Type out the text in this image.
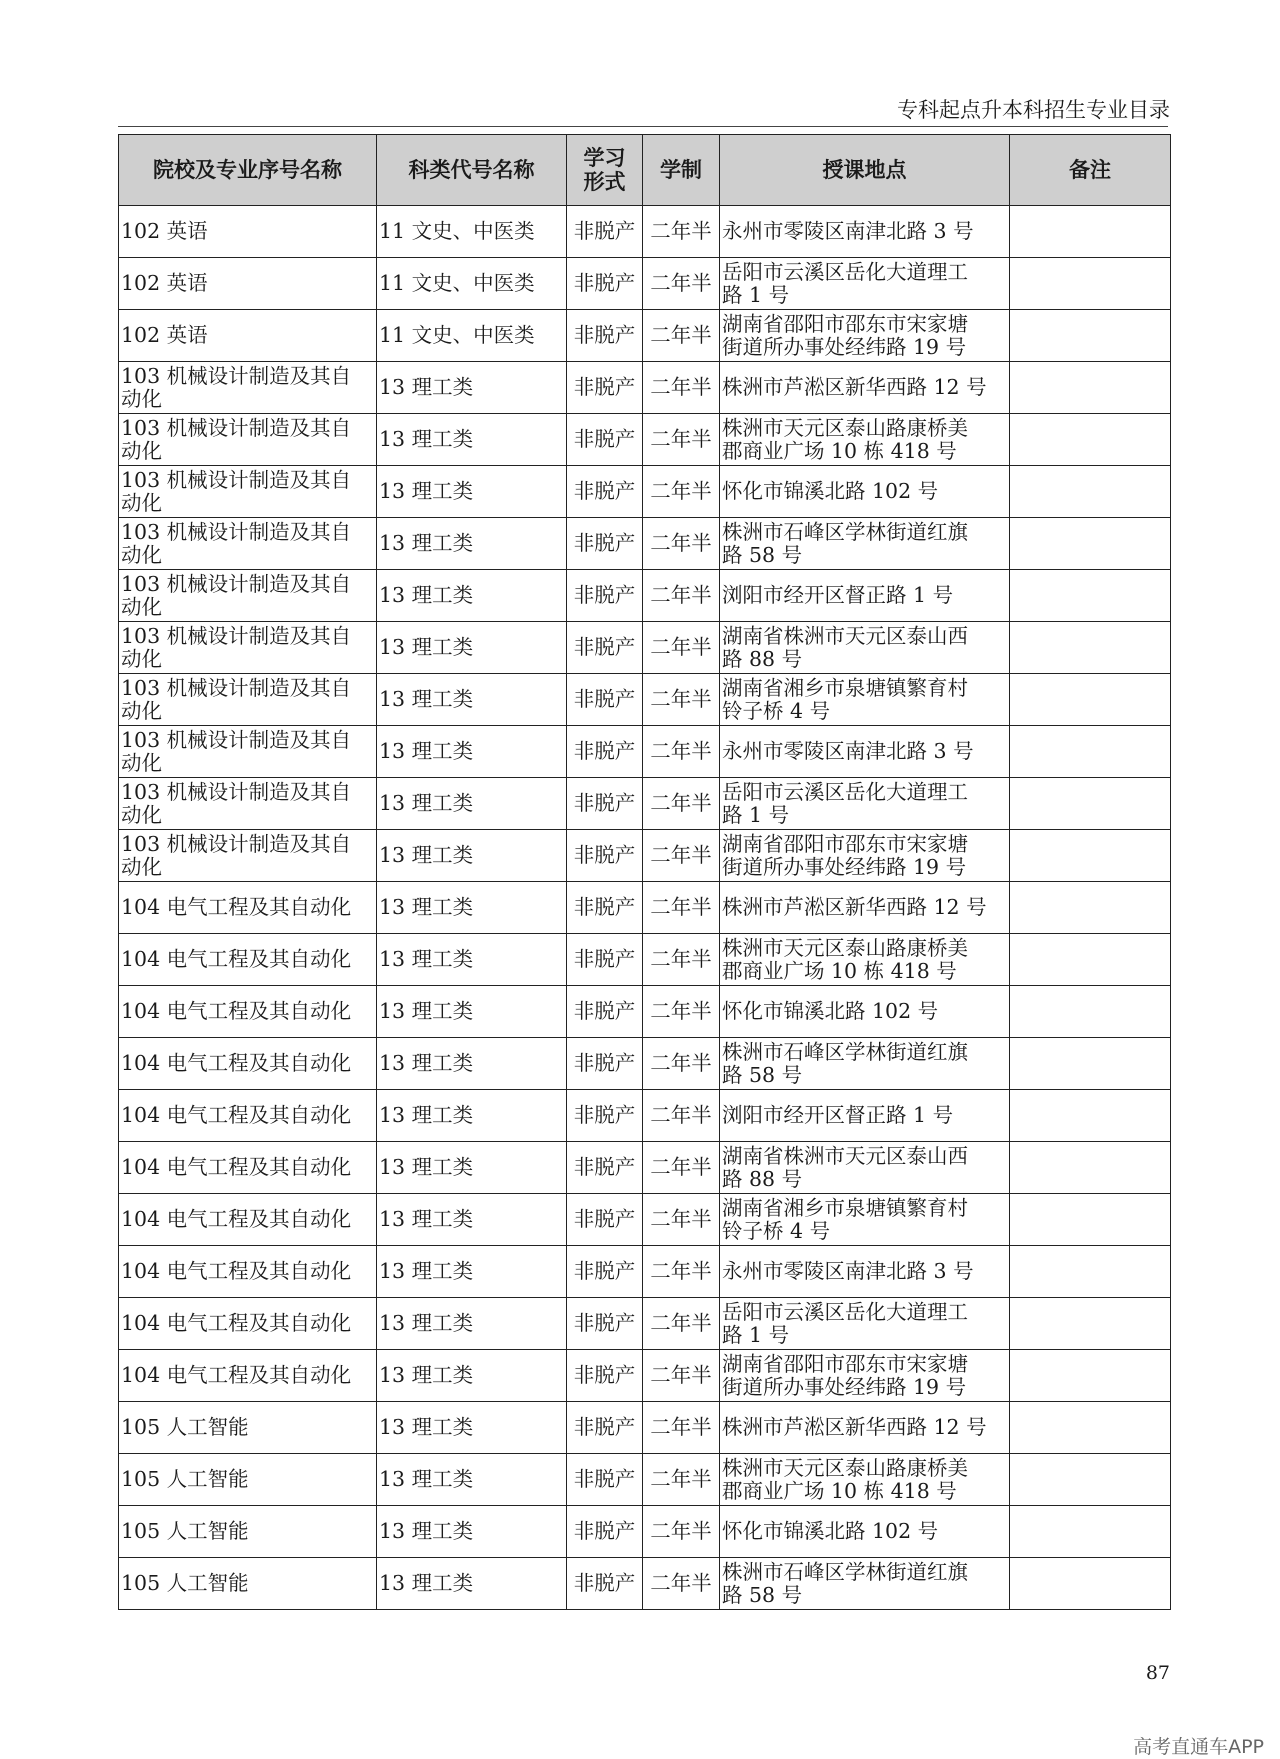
专科起点升本科招生专业目录
院校及专业序号名称	科类代号名称	学习
形式	学制	授课地点	备注
102 英语	11 文史、中医类	非脱产	二年半	永州市零陵区南津北路 3 号	
102 英语	11 文史、中医类	非脱产	二年半	岳阳市云溪区岳化大道理工
路 1 号	
102 英语	11 文史、中医类	非脱产	二年半	湖南省邵阳市邵东市宋家塘
街道所办事处经纬路 19 号	
103 机械设计制造及其自
动化	13 理工类	非脱产	二年半	株洲市芦淞区新华西路 12 号	
103 机械设计制造及其自
动化	13 理工类	非脱产	二年半	株洲市天元区泰山路康桥美
郡商业广场 10 栋 418 号	
103 机械设计制造及其自
动化	13 理工类	非脱产	二年半	怀化市锦溪北路 102 号	
103 机械设计制造及其自
动化	13 理工类	非脱产	二年半	株洲市石峰区学林街道红旗
路 58 号	
103 机械设计制造及其自
动化	13 理工类	非脱产	二年半	浏阳市经开区督正路 1 号	
103 机械设计制造及其自
动化	13 理工类	非脱产	二年半	湖南省株洲市天元区泰山西
路 88 号	
103 机械设计制造及其自
动化	13 理工类	非脱产	二年半	湖南省湘乡市泉塘镇繁育村
铃子桥 4 号	
103 机械设计制造及其自
动化	13 理工类	非脱产	二年半	永州市零陵区南津北路 3 号	
103 机械设计制造及其自
动化	13 理工类	非脱产	二年半	岳阳市云溪区岳化大道理工
路 1 号	
103 机械设计制造及其自
动化	13 理工类	非脱产	二年半	湖南省邵阳市邵东市宋家塘
街道所办事处经纬路 19 号	
104 电气工程及其自动化	13 理工类	非脱产	二年半	株洲市芦淞区新华西路 12 号	
104 电气工程及其自动化	13 理工类	非脱产	二年半	株洲市天元区泰山路康桥美
郡商业广场 10 栋 418 号	
104 电气工程及其自动化	13 理工类	非脱产	二年半	怀化市锦溪北路 102 号	
104 电气工程及其自动化	13 理工类	非脱产	二年半	株洲市石峰区学林街道红旗
路 58 号	
104 电气工程及其自动化	13 理工类	非脱产	二年半	浏阳市经开区督正路 1 号	
104 电气工程及其自动化	13 理工类	非脱产	二年半	湖南省株洲市天元区泰山西
路 88 号	
104 电气工程及其自动化	13 理工类	非脱产	二年半	湖南省湘乡市泉塘镇繁育村
铃子桥 4 号	
104 电气工程及其自动化	13 理工类	非脱产	二年半	永州市零陵区南津北路 3 号	
104 电气工程及其自动化	13 理工类	非脱产	二年半	岳阳市云溪区岳化大道理工
路 1 号	
104 电气工程及其自动化	13 理工类	非脱产	二年半	湖南省邵阳市邵东市宋家塘
街道所办事处经纬路 19 号	
105 人工智能	13 理工类	非脱产	二年半	株洲市芦淞区新华西路 12 号	
105 人工智能	13 理工类	非脱产	二年半	株洲市天元区泰山路康桥美
郡商业广场 10 栋 418 号	
105 人工智能	13 理工类	非脱产	二年半	怀化市锦溪北路 102 号	
105 人工智能	13 理工类	非脱产	二年半	株洲市石峰区学林街道红旗
路 58 号	
87
高考直通车APP
